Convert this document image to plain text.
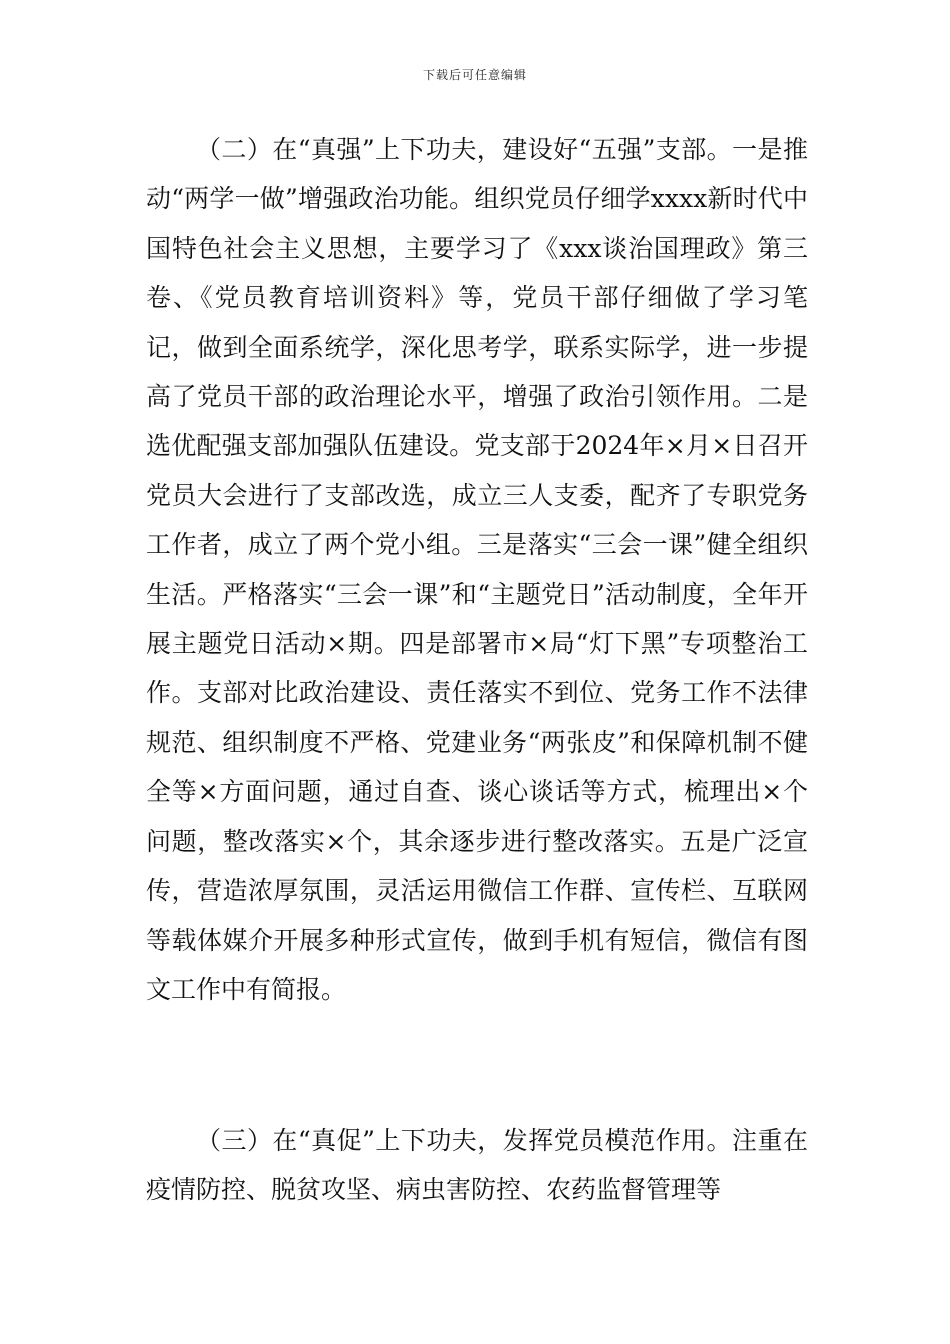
下载后可任意编辑

（二）在“真强”上下功夫，建设好“五强”支部。一是推动“两学一做”增强政治功能。组织党员仔细学xxxx新时代中国特色社会主义思想，主要学习了《xxx谈治国理政》第三卷、《党员教育培训资料》等，党员干部仔细做了学习笔记，做到全面系统学，深化思考学，联系实际学，进一步提高了党员干部的政治理论水平，增强了政治引领作用。二是选优配强支部加强队伍建设。党支部于2024年×月×日召开党员大会进行了支部改选，成立三人支委，配齐了专职党务工作者，成立了两个党小组。三是落实“三会一课”健全组织生活。严格落实“三会一课”和“主题党日”活动制度，全年开展主题党日活动×期。四是部署市×局“灯下黑”专项整治工作。支部对比政治建设、责任落实不到位、党务工作不法律规范、组织制度不严格、党建业务“两张皮”和保障机制不健全等×方面问题，通过自查、谈心谈话等方式，梳理出×个问题，整改落实×个，其余逐步进行整改落实。五是广泛宣传，营造浓厚氛围，灵活运用微信工作群、宣传栏、互联网等载体媒介开展多种形式宣传，做到手机有短信，微信有图文工作中有简报。

（三）在“真促”上下功夫，发挥党员模范作用。注重在疫情防控、脱贫攻坚、病虫害防控、农药监督管理等
